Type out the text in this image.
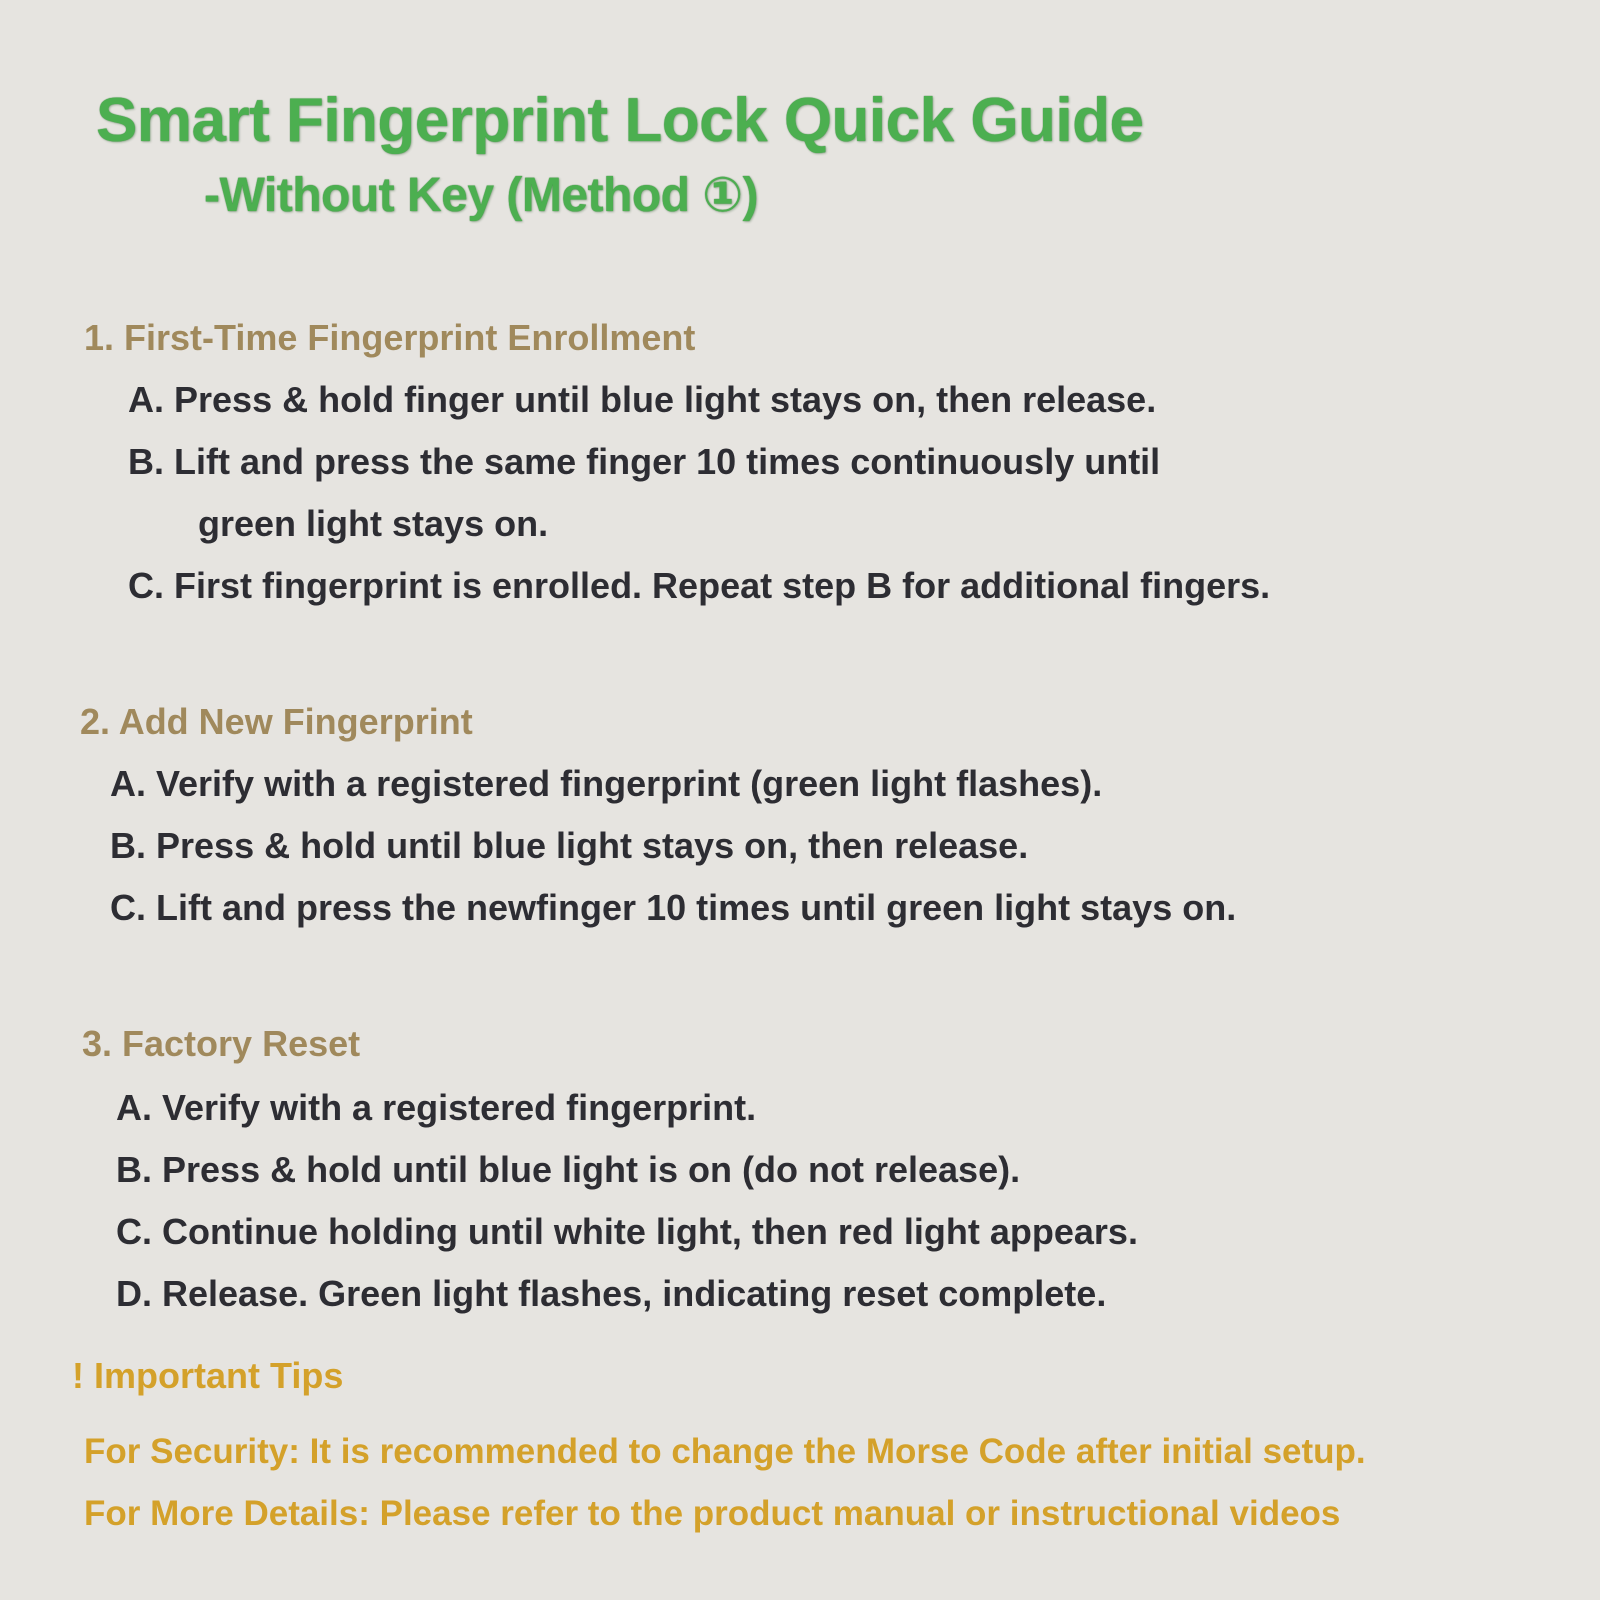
Smart Fingerprint Lock Quick Guide
-Without Key (Method ①)
1. First-Time Fingerprint Enrollment
A. Press & hold finger until blue light stays on, then release.
B. Lift and press the same finger 10 times continuously until
green light stays on.
C. First fingerprint is enrolled. Repeat step B for additional fingers.
2. Add New Fingerprint
A. Verify with a registered fingerprint (green light flashes).
B. Press & hold until blue light stays on, then release.
C. Lift and press the newfinger 10 times until green light stays on.
3. Factory Reset
A. Verify with a registered fingerprint.
B. Press & hold until blue light is on (do not release).
C. Continue holding until white light, then red light appears.
D. Release. Green light flashes, indicating reset complete.
! Important Tips
For Security: It is recommended to change the Morse Code after initial setup.
For More Details: Please refer to the product manual or instructional videos
